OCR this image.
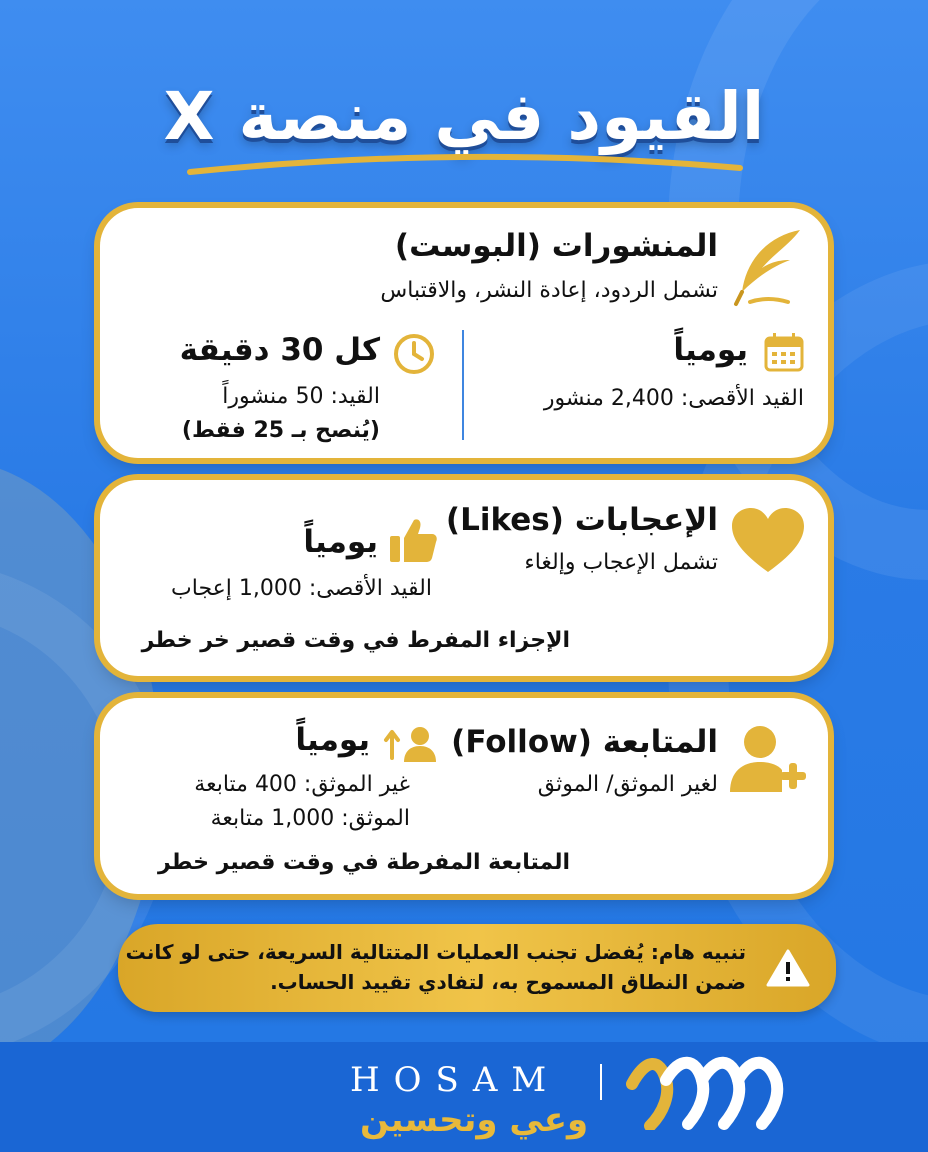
القيود في منصة X
المنشورات (البوست)
تشمل الردود، إعادة النشر، والاقتباس
يومياً
القيد الأقصى: 2,400 منشور
كل 30 دقيقة
القيد: 50 منشوراً
(يُنصح بـ 25 فقط)
الإعجابات (Likes)
تشمل الإعجاب وإلغاء
يومياً
القيد الأقصى: 1,000 إعجاب
الإجزاء المفرط في وقت قصير خر خطر
المتابعة (Follow)
لغير الموثق/ الموثق
يومياً
غير الموثق: 400 متابعة
الموثق: 1,000 متابعة
المتابعة المفرطة في وقت قصير خطر
تنبيه هام: يُفضل تجنب العمليات المتتالية السريعة، حتى لو كانت
ضمن النطاق المسموح به، لتفادي تقييد الحساب.
HOSAM
وعي وتحسين
